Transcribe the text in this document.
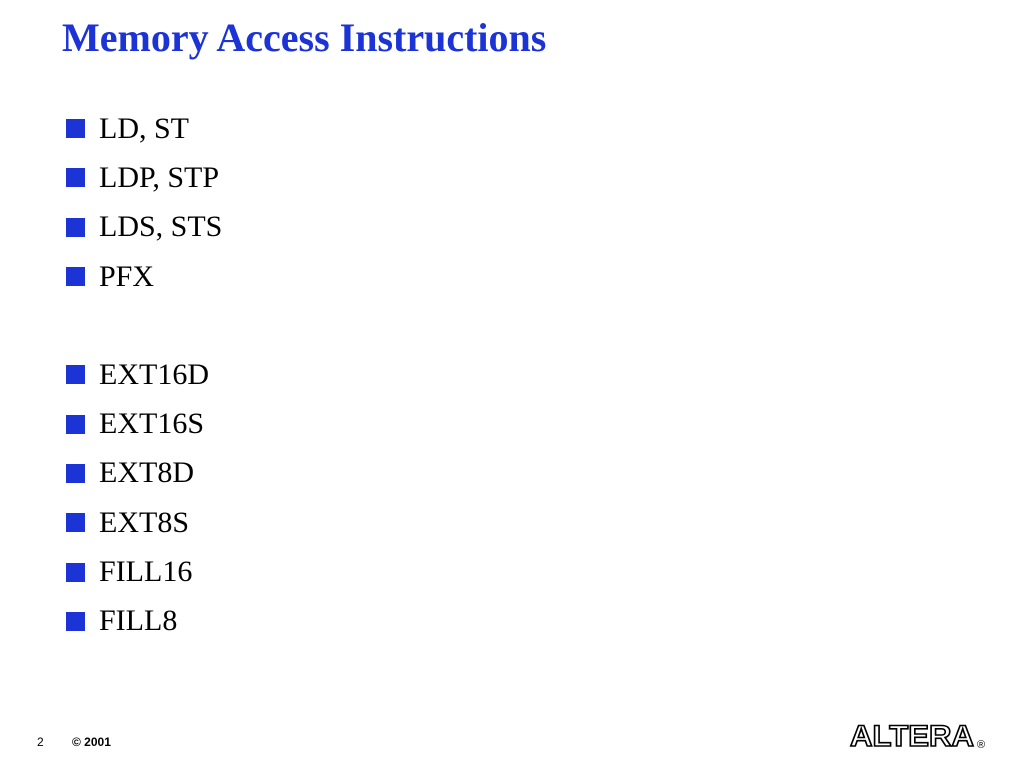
Memory Access Instructions
LD, ST
LDP, STP
LDS, STS
PFX
EXT16D
EXT16S
EXT8D
EXT8S
FILL16
FILL8
2 © 2001	ALTERA ®
